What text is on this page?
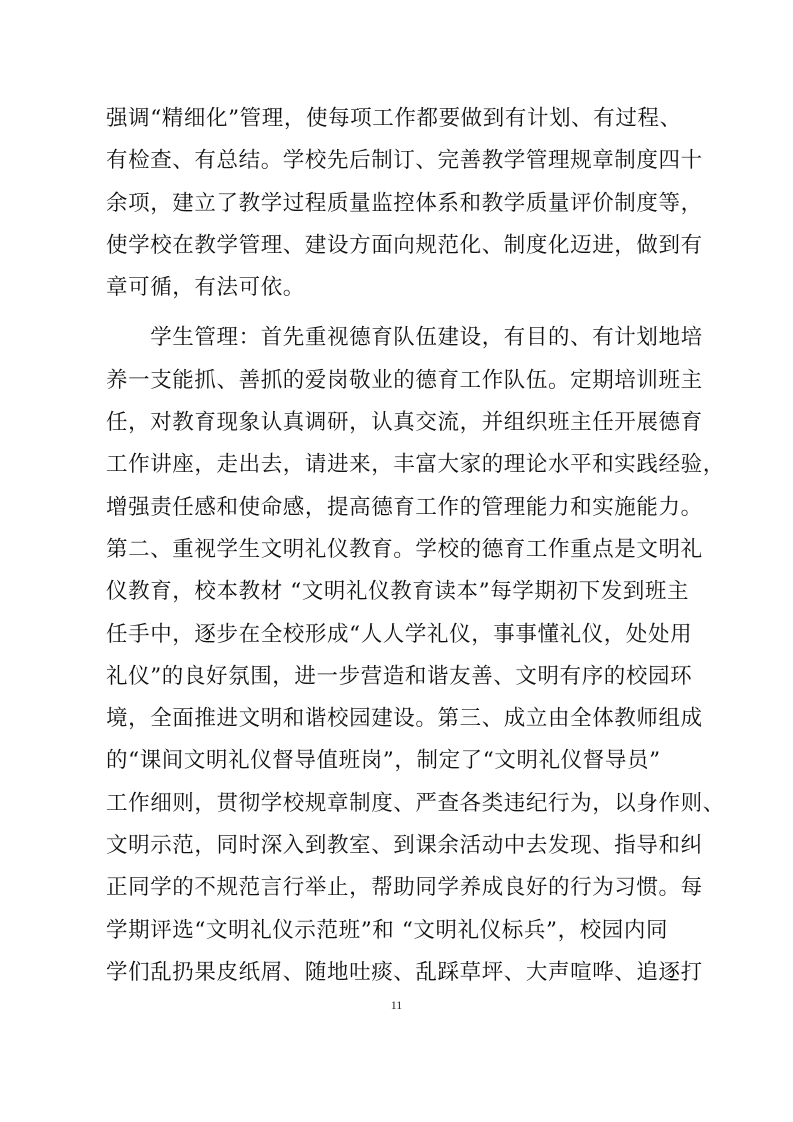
强调“精细化”管理，使每项工作都要做到有计划、有过程、
有检查、有总结。学校先后制订、完善教学管理规章制度四十
余项，建立了教学过程质量监控体系和教学质量评价制度等，
使学校在教学管理、建设方面向规范化、制度化迈进，做到有
章可循，有法可依。
　　学生管理：首先重视德育队伍建设，有目的、有计划地培
养一支能抓、善抓的爱岗敬业的德育工作队伍。定期培训班主
任，对教育现象认真调研，认真交流，并组织班主任开展德育
工作讲座，走出去，请进来，丰富大家的理论水平和实践经验，
增强责任感和使命感，提高德育工作的管理能力和实施能力。
第二、重视学生文明礼仪教育。学校的德育工作重点是文明礼
仪教育，校本教材 “文明礼仪教育读本”每学期初下发到班主
任手中，逐步在全校形成“人人学礼仪，事事懂礼仪，处处用
礼仪”的良好氛围，进一步营造和谐友善、文明有序的校园环
境，全面推进文明和谐校园建设。第三、成立由全体教师组成
的“课间文明礼仪督导值班岗”，制定了“文明礼仪督导员”
工作细则，贯彻学校规章制度、严查各类违纪行为，以身作则、
文明示范，同时深入到教室、到课余活动中去发现、指导和纠
正同学的不规范言行举止，帮助同学养成良好的行为习惯。每
学期评选“文明礼仪示范班”和 “文明礼仪标兵”，校园内同
学们乱扔果皮纸屑、随地吐痰、乱踩草坪、大声喧哗、追逐打
11
